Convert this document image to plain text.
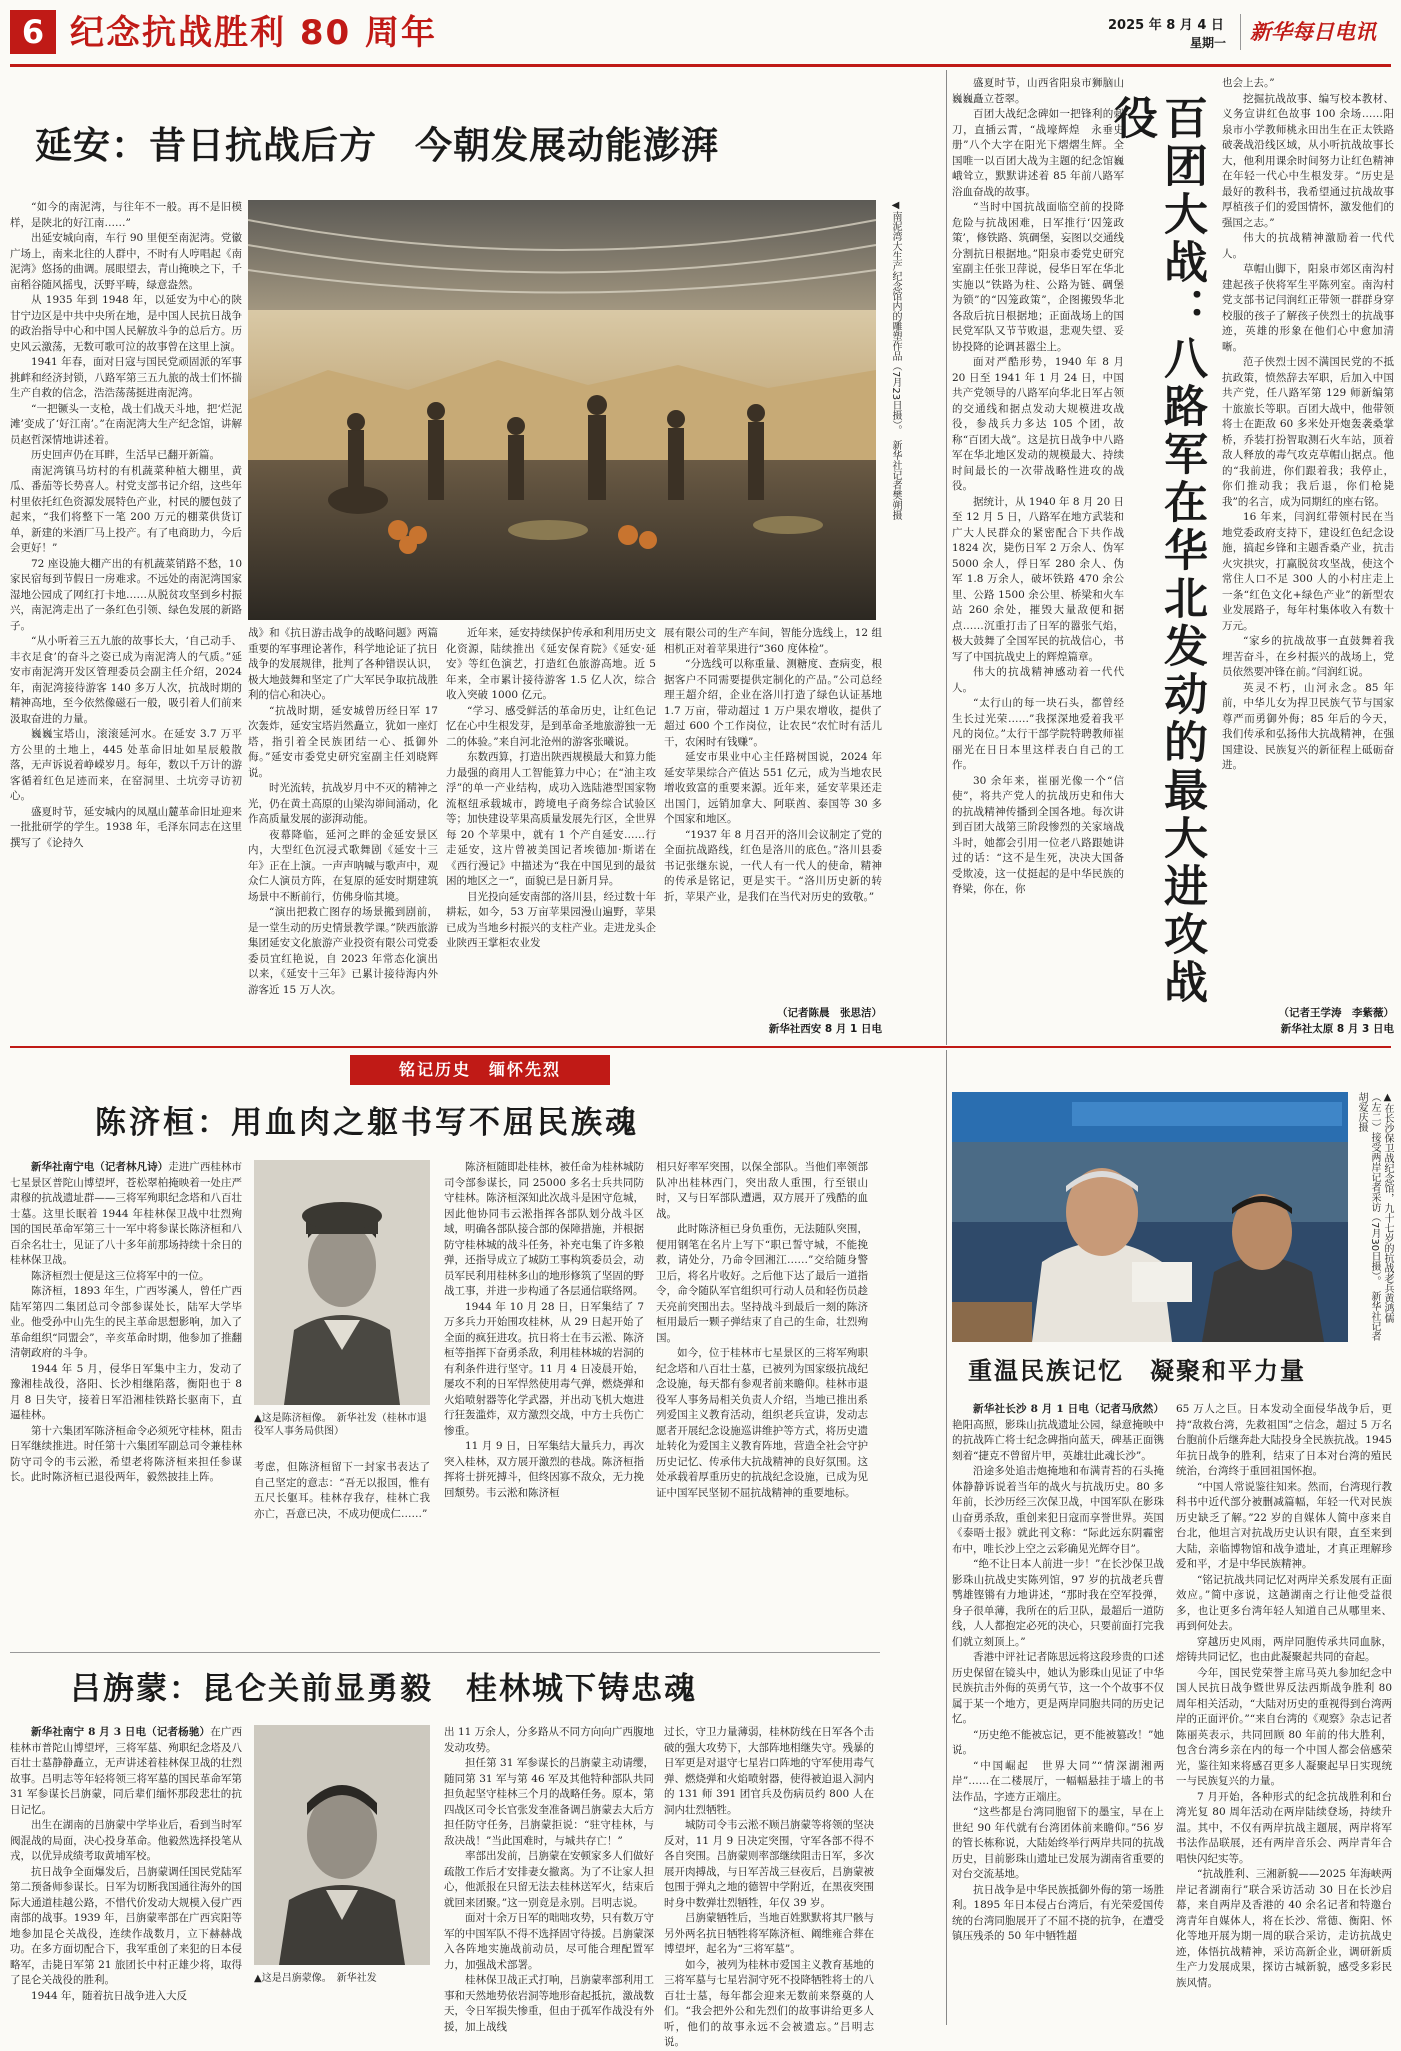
6 纪念抗战胜利 80 周年	2025 年 8 月 4 日
星期一 新华每日电讯
延安：昔日抗战后方　今朝发展动能澎湃

“如今的南泥湾，与往年不一般。再不是旧模样，是陕北的好江南……”

出延安城向南，车行 90 里便至南泥湾。党徽广场上，南来北往的人群中，不时有人哼唱起《南泥湾》悠扬的曲调。展眼望去，青山掩映之下，千亩稻谷随风摇曳，沃野平畴，绿意盎然。

从 1935 年到 1948 年，以延安为中心的陕甘宁边区是中共中央所在地，是中国人民抗日战争的政治指导中心和中国人民解放斗争的总后方。历史风云激荡，无数可歌可泣的故事曾在这里上演。

1941 年春，面对日寇与国民党顽固派的军事挑衅和经济封锁，八路军第三五九旅的战士们怀揣生产自救的信念，浩浩荡荡挺进南泥湾。

“一把镢头一支枪，战士们战天斗地，把‘烂泥滩’变成了‘好江南’。”在南泥湾大生产纪念馆，讲解员赵哲深情地讲述着。

历史回声仍在耳畔，生活早已翻开新篇。

南泥湾镇马坊村的有机蔬菜种植大棚里，黄瓜、番茄等长势喜人。村党支部书记介绍，这些年村里依托红色资源发展特色产业，村民的腰包鼓了起来，“我们将整下一笔 200 万元的棚菜供货订单，新建的米酒厂马上投产。有了电商助力，今后会更好！”

72 座设施大棚产出的有机蔬菜销路不愁，10 家民宿每到节假日一房难求。不远处的南泥湾国家湿地公园成了网红打卡地……从脱贫攻坚到乡村振兴，南泥湾走出了一条红色引领、绿色发展的新路子。

“从小听着三五九旅的故事长大，‘自己动手、丰衣足食’的奋斗之姿已成为南泥湾人的气质。”延安市南泥湾开发区管理委员会副主任介绍，2024 年，南泥湾接待游客 140 多万人次，抗战时期的精神高地，至今依然像磁石一般，吸引着人们前来汲取奋进的力量。

巍巍宝塔山，滚滚延河水。在延安 3.7 万平方公里的土地上，445 处革命旧址如星辰般散落，无声诉说着峥嵘岁月。每年，数以千万计的游客循着红色足迹而来，在窑洞里、土坑旁寻访初心。

盛夏时节，延安城内的凤凰山麓革命旧址迎来一批批研学的学生。1938 年，毛泽东同志在这里撰写了《论持久

◀南泥湾大生产纪念馆内的雕塑作品（7月23日摄）。　新华社记者樊朔摄

战》和《抗日游击战争的战略问题》两篇重要的军事理论著作，科学地论证了抗日战争的发展规律，批判了各种错误认识，极大地鼓舞和坚定了广大军民争取抗战胜利的信心和决心。

“抗战时期，延安城曾历经日军 17 次轰炸，延安宝塔岿然矗立，犹如一座灯塔，指引着全民族团结一心、抵御外侮。”延安市委党史研究室副主任刘晓辉说。

时光流转，抗战岁月中不灭的精神之光，仍在黄土高原的山梁沟峁间涌动，化作高质量发展的澎湃动能。

夜幕降临，延河之畔的金延安景区内，大型红色沉浸式歌舞剧《延安十三年》正在上演。一声声呐喊与歌声中，观众仁人演员方阵，在复原的延安时期建筑场景中不断前行，仿佛身临其境。

“演出把救亡图存的场景搬到剧前，是一堂生动的历史情景教学课。”陕西旅游集团延安文化旅游产业投资有限公司党委委员宜红艳说，自 2023 年常态化演出以来，《延安十三年》已累计接待海内外游客近 15 万人次。

近年来，延安持续保护传承和利用历史文化资源，陆续推出《延安保育院》《延安·延安》等红色演艺，打造红色旅游高地。近 5 年来，全市累计接待游客 1.5 亿人次，综合收入突破 1000 亿元。

“学习、感受鲜活的革命历史，让红色记忆在心中生根发芽，是到革命圣地旅游独一无二的体验。”来自河北沧州的游客张曦说。

东数西算，打造出陕西规模最大和算力能力最强的商用人工智能算力中心；在“油主攻浮”的单一产业结构，成功入选陆港型国家物流枢纽承载城市，跨境电子商务综合试验区等；加快建设苹果高质量发展先行区，全世界每 20 个苹果中，就有 1 个产自延安……行走延安，这片曾被美国记者埃德加·斯诺在《西行漫记》中描述为“我在中国见到的最贫困的地区之一”，面貌已是日新月异。

目光投向延安南部的洛川县，经过数十年耕耘，如今，53 万亩苹果园漫山遍野，苹果已成为当地乡村振兴的支柱产业。走进龙头企业陕西王掌柜农业发

展有限公司的生产车间，智能分选线上，12 组相机正对着苹果进行“360 度体检”。

“分选线可以称重量、测糖度、查病变，根据客户不同需要提供定制化的产品。”公司总经理王超介绍，企业在洛川打造了绿色认证基地 1.7 万亩，带动超过 1 万户果农增收，提供了超过 600 个工作岗位，让农民“农忙时有活儿干，农闲时有钱赚”。

延安市果业中心主任路树国说，2024 年延安苹果综合产值达 551 亿元，成为当地农民增收致富的重要来源。近年来，延安苹果还走出国门，远销加拿大、阿联酋、泰国等 30 多个国家和地区。

“1937 年 8 月召开的洛川会议制定了党的全面抗战路线，红色是洛川的底色。”洛川县委书记张继东说，一代人有一代人的使命，精神的传承是铭记，更是实干。“洛川历史新的转折，苹果产业，是我们在当代对历史的致敬。”

（记者陈晨　张思洁）
新华社西安 8 月 1 日电

盛夏时节，山西省阳泉市狮脑山巍巍矗立苍翠。

百团大战纪念碑如一把锋利的刺刀，直插云霄，“战壕辉煌　永垂史册”八个大字在阳光下熠熠生辉。全国唯一以百团大战为主题的纪念馆巍峨耸立，默默讲述着 85 年前八路军浴血奋战的故事。

“当时中国抗战面临空前的投降危险与抗战困难，日军推行‘囚笼政策’，修铁路、筑碉堡，妄图以交通线分割抗日根据地。”阳泉市委党史研究室副主任张卫萍说，侵华日军在华北实施以“铁路为柱、公路为链、碉堡为锁”的“囚笼政策”，企图搬毁华北各敌后抗日根据地；正面战场上的国民党军队又节节败退，悲观失望、妥协投降的论调甚嚣尘上。

面对严酷形势，1940 年 8 月 20 日至 1941 年 1 月 24 日，中国共产党领导的八路军向华北日军占领的交通线和据点发动大规模进攻战役，参战兵力多达 105 个团，故称“百团大战”。这是抗日战争中八路军在华北地区发动的规模最大、持续时间最长的一次带战略性进攻的战役。

据统计，从 1940 年 8 月 20 日至 12 月 5 日，八路军在地方武装和广大人民群众的紧密配合下共作战 1824 次，毙伤日军 2 万余人、伪军 5000 余人，俘日军 280 余人、伪军 1.8 万余人，破坏铁路 470 余公里、公路 1500 余公里、桥梁和火车站 260 余处，摧毁大量敌便和据点……沉重打击了日军的嚣张气焰，极大鼓舞了全国军民的抗战信心，书写了中国抗战史上的辉煌篇章。

伟大的抗战精神感动着一代代人。

“太行山的每一块石头，都曾经生长过光荣……”我探深地爱着我平凡的岗位。”太行干部学院特聘教师崔丽光在日日本里这样表白自己的工作。

30 余年来，崔丽光像一个“信使”，将共产党人的抗战历史和伟大的抗战精神传播到全国各地。每次讲到百团大战第三阶段惨烈的关家垴战斗时，她都会引用一位老八路跟她讲过的话：“这不是生死，决决大国备受欺凌，这一仗挺起的是中华民族的脊梁，你在，你	百团大战：八路军在华北发动的最大进攻战役

也会上去。”

挖掘抗战故事、编写校本教材、义务宣讲红色故事 100 余场……阳泉市小学教师桃永田出生在正太铁路破袭战沿线区域，从小听抗战故事长大，他利用课余时间努力让红色精神在年轻一代心中生根发芽。“历史是最好的教科书，我希望通过抗战故事厚植孩子们的爱国情怀，激发他们的强国之志。”

伟大的抗战精神激励着一代代人。

草帽山脚下，阳泉市郊区南沟村建起孩子侠将军生平陈列室。南沟村党支部书记闫润红正带领一群群身穿校服的孩子了解孩子侠烈士的抗战事迹，英雄的形象在他们心中愈加清晰。

范子侠烈士因不满国民党的不抵抗政策，愤然辞去军职，后加入中国共产党，任八路军第 129 师新编第十旅旅长等职。百团大战中，他带领将士在距敌 60 多米处开炮轰袭桑掌桥，乔装打扮智取测石火车站，顶着敌人释放的毒气攻克草帽山据点。他的“我前进，你们跟着我；我停止，你们推动我；我后退，你们枪毙我”的名言，成为同期红的座右铭。

16 年来，闫润红带领村民在当地党委政府支持下，建设红色纪念设施，搞起乡锋和主题香桑产业，抗击火灾拱灾，打赢脱贫攻坚战，使这个常住人口不足 300 人的小村庄走上一条“红色文化+绿色产业”的新型农业发展路子，每年村集体收入有数十万元。

“家乡的抗战故事一直鼓舞着我埋苦奋斗，在乡村振兴的战场上，党员依然要冲锋在前。”闫润红说。

英灵不朽，山河永念。85 年前，中华儿女为捍卫民族气节与国家尊严而勇御外侮；85 年后的今天，我们传承和弘扬伟大抗战精神，在强国建设、民族复兴的新征程上砥砺奋进。

（记者王学涛　李紫薇）
新华社太原 8 月 3 日电
铭记历史　缅怀先烈
陈济桓：用血肉之躯书写不屈民族魂

新华社南宁电（记者林凡诗）走进广西桂林市七星景区普陀山博望坪，苍松翠柏掩映着一处庄严肃穆的抗战遗址群——三将军殉职纪念塔和八百壮士墓。这里长眠着 1944 年桂林保卫战中壮烈殉国的国民革命军第三十一军中将参谋长陈济桓和八百余名壮士，见证了八十多年前那场持续十余日的桂林保卫战。

陈济桓烈士便是这三位将军中的一位。

陈济桓，1893 年生，广西岑溪人，曾任广西陆军第四二集团总司令部参谋处长，陆军大学毕业。他受孙中山先生的民主革命思想影响，加入了革命组织“同盟会”，辛亥革命时期，他参加了推翻清朝政府的斗争。

1944 年 5 月，侵华日军集中主力，发动了豫湘桂战役，洛阳、长沙相继陷落，衡阳也于 8 月 8 日失守，接着日军沿湘桂铁路长驱南下，直逼桂林。

第十六集团军陈济桓命令必须死守桂林，阻击日军继续推进。时任第十六集团军副总司令兼桂林防守司令的韦云淞，希望老将陈济桓来担任参谋长。此时陈济桓已退役两年，毅然披挂上阵。

▲这是陈济桓像。　新华社发（桂林市退役军人事务局供图）

考虑，但陈济桓留下一封家书表达了自己坚定的意志：“吾无以报国，惟有五尺长躯耳。桂林存我存，桂林亡我亦亡，吾意已决，不成功便成仁……”

陈济桓随即赴桂林，被任命为桂林城防司令部参谋长，同 25000 多名士兵共同防守桂林。陈济桓深知此次战斗是困守危城，因此他协同韦云淞指挥各部队划分战斗区域，明确各部队接合部的保障措施，并根据防守桂林城的战斗任务，补充屯集了许多粮弹，还指导成立了城防工事构筑委员会，动员军民利用桂林多山的地形修筑了坚固的野战工事，并进一步构通了各层通信联络网。

1944 年 10 月 28 日，日军集结了 7 万多兵力开始围攻桂林，从 29 日起开始了全面的疯狂进攻。抗日将士在韦云淞、陈济桓等指挥下奋勇杀敌，利用桂林城的岩洞的有利条件进行坚守。11 月 4 日凌晨开始，屡攻不利的日军悍然使用毒气弹，燃烧弹和火焰喷射器等化学武器，并出动飞机大炮进行狂轰滥炸，双方激烈交战，中方士兵伤亡惨重。

11 月 9 日，日军集结大量兵力，再次突入桂林，双方展开激烈的巷战。陈济桓指挥将士拼死搏斗，但终因寡不敌众，无力挽回颓势。韦云淞和陈济桓

相只好率军突围，以保全部队。当他们率领部队冲出桂林西门，突出敌人重围，行至银山时，又与日军部队遭遇，双方展开了残酷的血战。

此时陈济桓已身负重伤，无法随队突围，便用钢笔在名片上写下“职已誓守城，不能挽救，请处分，乃命令回湘江……”交给随身警卫后，将名片收好。之后他下达了最后一道指令，命令随队军官组织可行动人员和轻伤员趁天亮前突围出去。坚持战斗到最后一刻的陈济桓用最后一颗子弹结束了自己的生命，壮烈殉国。

如今，位于桂林市七星景区的三将军殉职纪念塔和八百壮士墓，已被列为国家级抗战纪念设施，每天都有参观者前来瞻仰。桂林市退役军人事务局相关负责人介绍，当地已推出系列爱国主义教育活动，组织老兵宣讲，发动志愿者开展纪念设施巡讲维护等方式，将历史遗址转化为爱国主义教育阵地，营造全社会守护历史记忆、传承伟大抗战精神的良好氛围。这处承载着厚重历史的抗战纪念设施，已成为见证中国军民坚韧不屈抗战精神的重要地标。

吕旃蒙：昆仑关前显勇毅　桂林城下铸忠魂

新华社南宁 8 月 3 日电（记者杨驰）在广西桂林市普陀山博望坪，三将军墓、殉职纪念塔及八百壮士墓静静矗立，无声讲述着桂林保卫战的壮烈故事。吕明志等年轻将领三将军墓的国民革命军第 31 军参谋长吕旃蒙，同后辈们缅怀那段悲壮的抗日记忆。

出生在湖南的吕旃蒙中学毕业后，看到当时军阀混战的局面，决心投身革命。他毅然选择投笔从戎，以优异成绩考取黄埔军校。

抗日战争全面爆发后，吕旃蒙调任国民党陆军第二预备师参谋长。日军为切断我国通往海外的国际大通道桂越公路，不惜代价发动大规模入侵广西南部的战事。1939 年，吕旃蒙率部在广西宾阳等地参加昆仑关战役，连续作战数月，立下赫赫战功。在多方面切配合下，我军重创了来犯的日本侵略军，击毙日军第 21 旅团长中村正雄少将，取得了昆仑关战役的胜利。

1944 年，随着抗日战争进入大反

▲这是吕旃蒙像。　新华社发

出 11 万余人，分多路从不同方向向广西腹地发动攻势。

担任第 31 军参谋长的吕旃蒙主动请缨，随同第 31 军与第 46 军及其他特种部队共同担负起坚守桂林三个月的战略任务。原本，第四战区司令长官张发奎准备调吕旃蒙去大后方担任防守任务，吕旃蒙拒说：“驻守桂林，与敌决战！”当此国难时，与城共存亡！”

率部出发前，吕旃蒙在安顿家多人们做好疏散工作后才安排妻女撤离。为了不让家人担心，他派报在只留无法去桂林送军火，结束后就回来团聚。”这一别竟是永别。吕明志说。

面对十余万日军的咄咄攻势，只有数万守军的中国军队不得不选择固守待援。吕旃蒙深入各阵地实施战前动员，尽可能合理配置军力，加强战术部署。

桂林保卫战正式打响，吕旃蒙率部利用工事和天然地势依岩洞等地形奋起抵抗，激战数天，令日军损失惨重，但由于孤军作战没有外援，加上战线

过长，守卫力量薄弱，桂林防线在日军各个击破的强大攻势下，大部阵地相继失守。残暴的日军更是对退守七星岩口阵地的守军使用毒气弹、燃烧弹和火焰喷射器，使得被迫退入洞内的 131 师 391 团官兵及伤病员约 800 人在洞内壮烈牺牲。

城防司令韦云淞不顾吕旃蒙等将领的坚决反对，11 月 9 日决定突围，守军各部不得不各自突围。吕旃蒙则率部继续阻击日军，多次展开肉搏战，与日军苦战三昼夜后，吕旃蒙被包围于弹丸之地的德智中学附近，在黑夜突围时身中数弹壮烈牺牲，年仅 39 岁。

吕旃蒙牺牲后，当地百姓默默将其尸骸与另外两名抗日牺牲将军陈济桓、阚维雍合葬在博望坪，起名为“三将军墓”。

如今，被列为桂林市爱国主义教育基地的三将军墓与七星岩洞守死不投降牺牲将士的八百壮士墓，每年都会迎来无数前来祭奠的人们。“我会把外公和先烈们的故事讲给更多人听，他们的故事永远不会被遗忘。”吕明志说。

▲在长沙保卫战纪念馆，九十七岁的抗战老兵黄鸿儒（左二）接受两岸记者采访（7月30日摄）。　新华社记者胡爱庆摄
重温民族记忆　凝聚和平力量

新华社长沙 8 月 1 日电（记者马欣然）艳阳高照，影珠山抗战遗址公园，绿意掩映中的抗战阵亡将士纪念碑指向蓝天，碑基正面镌刻着“捷克不曾留片甲，英雄壮此魂长沙”。

沿途多处追击炮掩地和布满青苔的石头掩体静静诉说着当年的战火与抗战历史。80 多年前，长沙历经三次保卫战，中国军队在影珠山奋勇杀敌，重创来犯日寇而享誉世界。英国《泰晤士报》就此刊文称：“际此远东阴霾密布中，唯长沙上空之云彩确见光辉夺目”。

“绝不让日本人前进一步！”在长沙保卫战影珠山抗战史实陈列馆，97 岁的抗战老兵曹鹗雄铿锵有力地讲述，“那时我在空军投弹，身子很单薄，我所在的后卫队，最超后一道防线，人人都抱定必死的决心，只要前面打完我们就立刻顶上。”

香港中评社记者陈思远将这段珍贵的口述历史保留在镜头中，她认为影珠山见证了中华民族抗击外侮的英勇气节，这一个个故事不仅属于某一个地方，更是两岸同胞共同的历史记忆。

“历史绝不能被忘记，更不能被篡改！”她说。

“中国崛起　世界大同”“情深湖湘两岸”……在二楼展厅，一幅幅悬挂于墙上的书法作品，字迹方正端庄。

“这些都是台湾同胞留下的墨宝，早在上世纪 90 年代就有台湾团体前来瞻仰。”56 岁的管长栋称说，大陆始终举行两岸共同的抗战历史，目前影珠山遗址已发展为湖南省重要的对台交流基地。

抗日战争是中华民族抵御外侮的第一场胜利。1895 年日本侵占台湾后，有光荣爱国传统的台湾同胞展开了不屈不挠的抗争，在遭受镇压残杀的 50 年中牺牲超

65 万人之巨。日本发动全面侵华战争后，更持“敌救台湾，先救祖国”之信念，超过 5 万名台胞前仆后继奔赴大陆投身全民族抗战。1945 年抗日战争的胜利，结束了日本对台湾的殖民统治，台湾终于重回祖国怀抱。

“中国人常说鉴往知来。然而，台湾现行教科书中近代部分被删减篇幅，年轻一代对民族历史缺乏了解。”22 岁的自媒体人简中彦来自台北，他坦言对抗战历史认识有限，直至来到大陆，亲临博物馆和战争遗址，才真正理解珍爱和平，才是中华民族精神。

“铭记抗战共同记忆对两岸关系发展有正面效应。”简中彦说，这趟湖南之行让他受益很多，也让更多台湾年轻人知道自己从哪里来、再到何处去。

穿越历史风雨，两岸同胞传承共同血脉，熔铸共同记忆，也由此凝聚起共同的奋起。

今年，国民党荣誉主席马英九参加纪念中国人民抗日战争暨世界反法西斯战争胜利 80 周年相关活动，“大陆对历史的重视得到台湾两岸的正面评价。”“来自台湾的《观察》杂志记者陈丽英表示，共同回顾 80 年前的伟大胜利，包含台湾乡亲在内的每一个中国人都会倍感荣光，鉴往知来将感召更多人凝聚起早日实现统一与民族复兴的力量。

7 月开始，各种形式的纪念抗战胜利和台湾光复 80 周年活动在两岸陆续登场，持续升温。其中，不仅有两岸抗战主题展，两岸将军书法作品联展，还有两岸音乐会、两岸青年合唱快闪纪实等。

“抗战胜利、三湘新貌——2025 年海峡两岸记者湖南行”联合采访活动 30 日在长沙启幕，来自两岸及香港的 40 余名记者和特邀台湾青年自媒体人，将在长沙、常德、衡阳、怀化等地开展为期一周的联合采访，走访抗战史迹，体悟抗战精神，采访高新企业，调研新质生产力发展成果，探访古城新貌，感受多彩民族风情。
